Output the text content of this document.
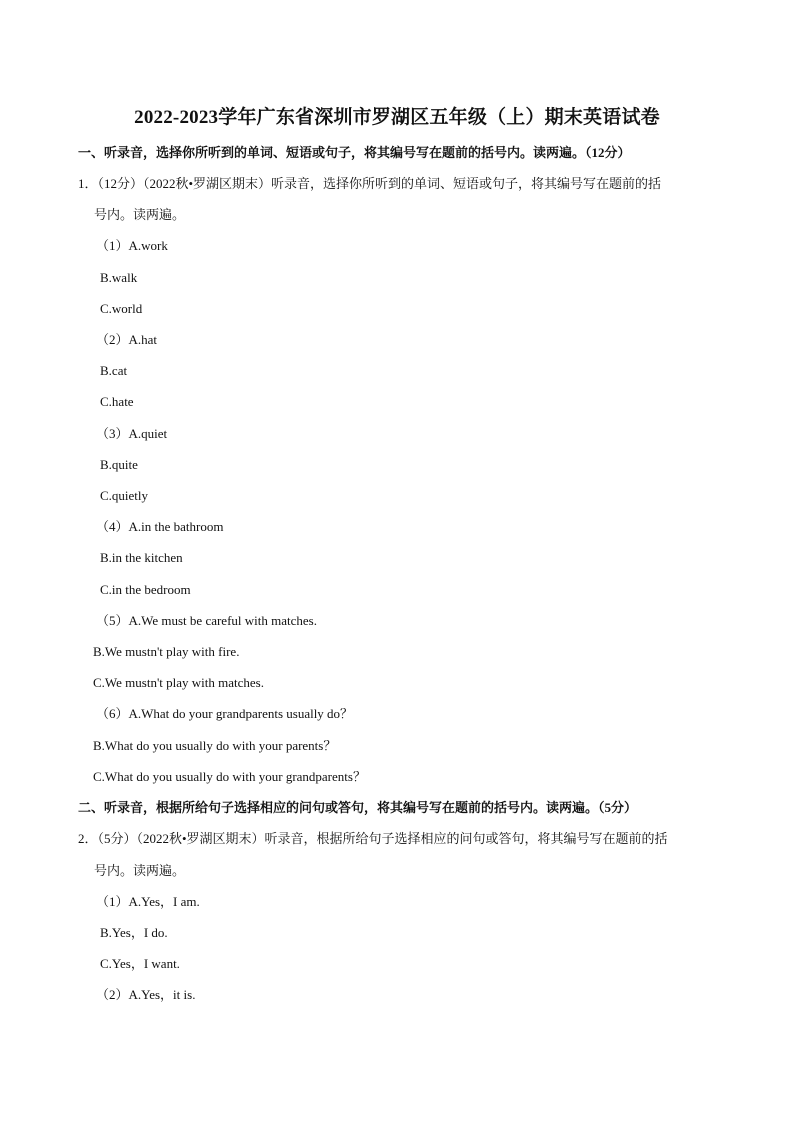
2022-2023学年广东省深圳市罗湖区五年级（上）期末英语试卷
一、听录音，选择你所听到的单词、短语或句子，将其编号写在题前的括号内。读两遍。（12分）
1．（12分）（2022秋•罗湖区期末）听录音，选择你所听到的单词、短语或句子，将其编号写在题前的括
号内。读两遍。
（1）A.work
B.walk
C.world
（2）A.hat
B.cat
C.hate
（3）A.quiet
B.quite
C.quietly
（4）A.in the bathroom
B.in the kitchen
C.in the bedroom
（5）A.We must be careful with matches.
B.We mustn't play with fire.
C.We mustn't play with matches.
（6）A.What do your grandparents usually do？
B.What do you usually do with your parents？
C.What do you usually do with your grandparents？
二、听录音，根据所给句子选择相应的问句或答句，将其编号写在题前的括号内。读两遍。（5分）
2．（5分）（2022秋•罗湖区期末）听录音，根据所给句子选择相应的问句或答句，将其编号写在题前的括
号内。读两遍。
（1）A.Yes，I am.
B.Yes，I do.
C.Yes，I want.
（2）A.Yes，it is.
